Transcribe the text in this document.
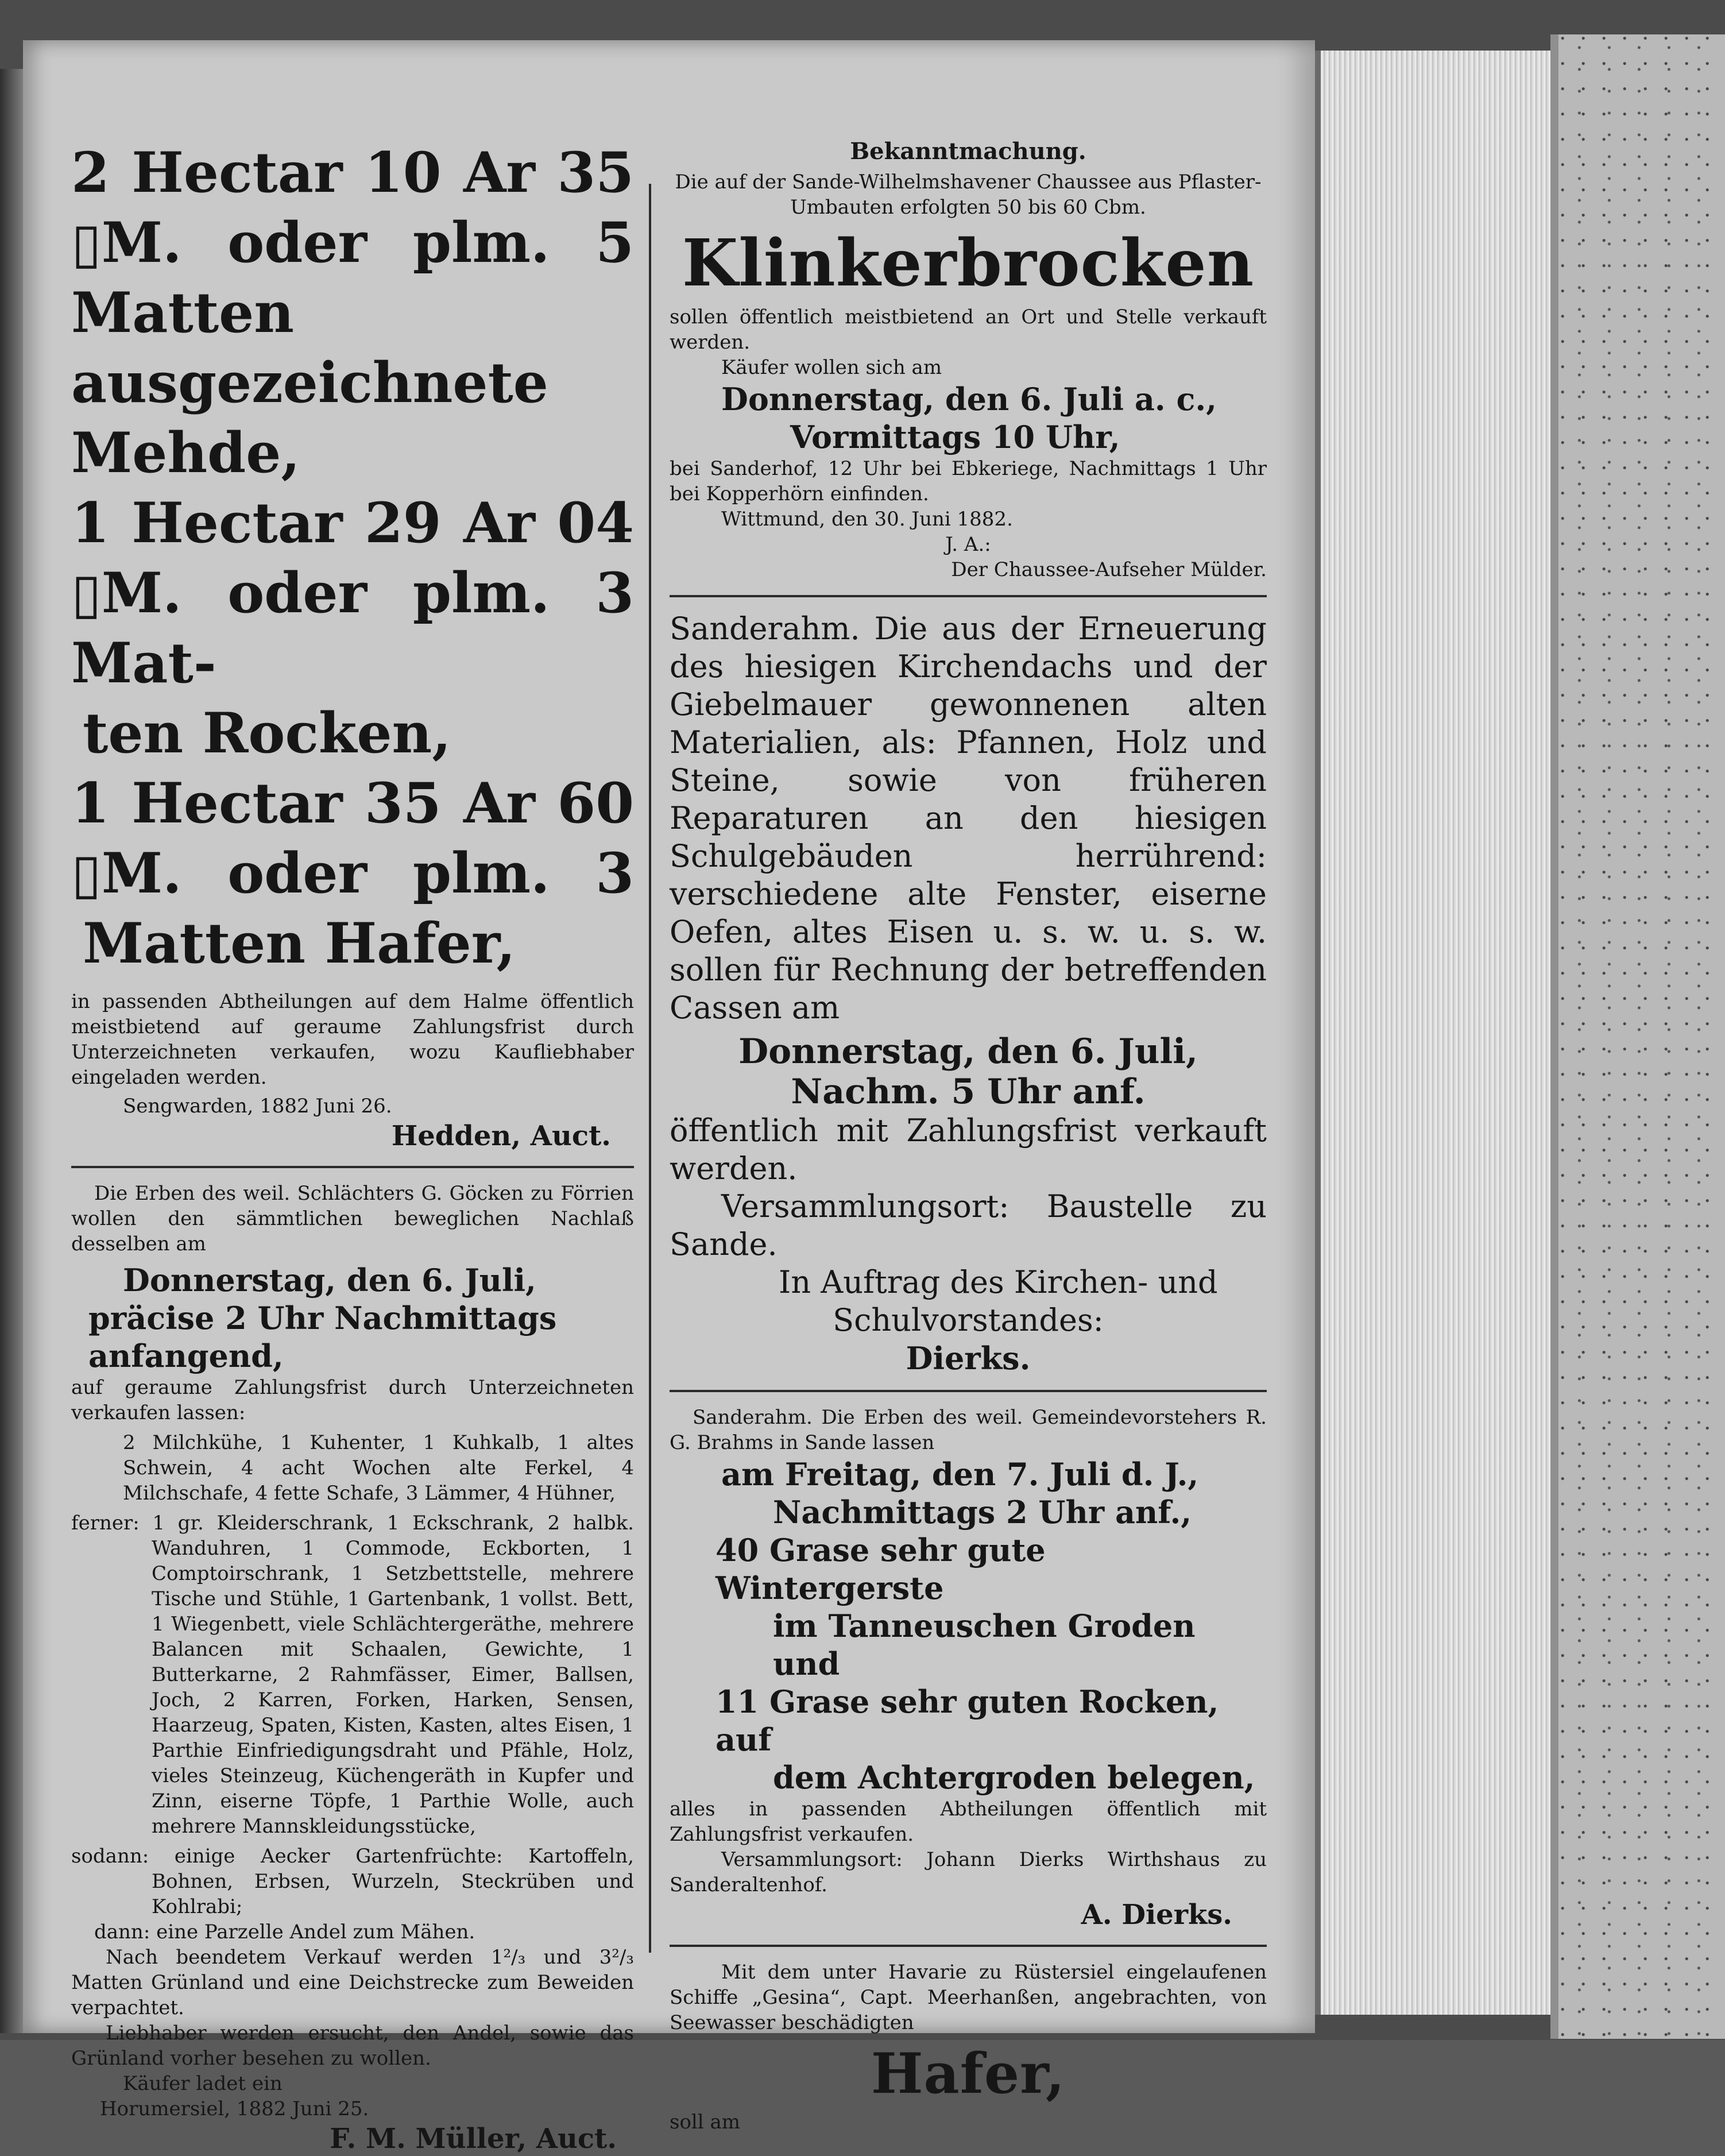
2 Hectar 10 Ar 35

▯M. oder plm. 5

Matten ausgezeichnete

Mehde,

1 Hectar 29 Ar 04

▯M. oder plm. 3 Mat-

ten Rocken,

1 Hectar 35 Ar 60

▯M. oder plm. 3

Matten Hafer,

in passenden Abtheilungen auf dem Halme öffentlich meistbietend auf geraume Zahlungsfrist durch Unterzeichneten verkaufen, wozu Kaufliebhaber eingeladen werden.

Sengwarden, 1882 Juni 26.

Hedden, Auct.

Die Erben des weil. Schlächters G. Göcken zu Förrien wollen den sämmtlichen beweglichen Nachlaß desselben am

Donnerstag, den 6. Juli,

präcise 2 Uhr Nachmittags anfangend,

auf geraume Zahlungsfrist durch Unterzeichneten verkaufen lassen:

2 Milchkühe, 1 Kuhenter, 1 Kuhkalb, 1 altes Schwein, 4 acht Wochen alte Ferkel, 4 Milchschafe, 4 fette Schafe, 3 Lämmer, 4 Hühner,

ferner: 1 gr. Kleiderschrank, 1 Eckschrank, 2 halbk. Wanduhren, 1 Commode, Eckborten, 1 Comptoirschrank, 1 Setzbettstelle, mehrere Tische und Stühle, 1 Gartenbank, 1 vollst. Bett, 1 Wiegenbett, viele Schlächtergeräthe, mehrere Balancen mit Schaalen, Gewichte, 1 Butterkarne, 2 Rahmfässer, Eimer, Ballsen, Joch, 2 Karren, Forken, Harken, Sensen, Haarzeug, Spaten, Kisten, Kasten, altes Eisen, 1 Parthie Einfriedigungsdraht und Pfähle, Holz, vieles Steinzeug, Küchengeräth in Kupfer und Zinn, eiserne Töpfe, 1 Parthie Wolle, auch mehrere Mannskleidungsstücke,

sodann: einige Aecker Gartenfrüchte: Kartoffeln, Bohnen, Erbsen, Wurzeln, Steckrüben und Kohlrabi;

dann: eine Parzelle Andel zum Mähen.

Nach beendetem Verkauf werden 1²/₃ und 3²/₃ Matten Grünland und eine Deichstrecke zum Beweiden verpachtet.

Liebhaber werden ersucht, den Andel, sowie das Grünland vorher besehen zu wollen.

Käufer ladet ein

Horumersiel, 1882 Juni 25.

F. M. Müller, Auct.

Bekanntmachung.

Die auf der Sande-Wilhelmshavener Chaussee aus Pflaster-Umbauten erfolgten 50 bis 60 Cbm.

Klinkerbrocken

sollen öffentlich meistbietend an Ort und Stelle verkauft werden.

Käufer wollen sich am

Donnerstag, den 6. Juli a. c.,

Vormittags 10 Uhr,

bei Sanderhof, 12 Uhr bei Ebkeriege, Nachmittags 1 Uhr bei Kopperhörn einfinden.

Wittmund, den 30. Juni 1882.

J. A.:

Der Chaussee-Aufseher Mülder.

Sanderahm. Die aus der Erneuerung des hiesigen Kirchendachs und der Giebelmauer gewonnenen alten Materialien, als: Pfannen, Holz und Steine, sowie von früheren Reparaturen an den hiesigen Schulgebäuden herrührend: verschiedene alte Fenster, eiserne Oefen, altes Eisen u. s. w. u. s. w. sollen für Rechnung der betreffenden Cassen am

Donnerstag, den 6. Juli,

Nachm. 5 Uhr anf.

öffentlich mit Zahlungsfrist verkauft werden.

Versammlungsort: Baustelle zu Sande.

In Auftrag des Kirchen- und

Schulvorstandes:

Dierks.

Sanderahm. Die Erben des weil. Gemeindevorstehers R. G. Brahms in Sande lassen

am Freitag, den 7. Juli d. J.,

Nachmittags 2 Uhr anf.,

40 Grase sehr gute Wintergerste

im Tanneuschen Groden und

11 Grase sehr guten Rocken, auf

dem Achtergroden belegen,

alles in passenden Abtheilungen öffentlich mit Zahlungsfrist verkaufen.

Versammlungsort: Johann Dierks Wirthshaus zu Sanderaltenhof.

A. Dierks.

Mit dem unter Havarie zu Rüstersiel eingelaufenen Schiffe „Gesina“, Capt. Meerhanßen, angebrachten, von Seewasser beschädigten

Hafer,

soll am
